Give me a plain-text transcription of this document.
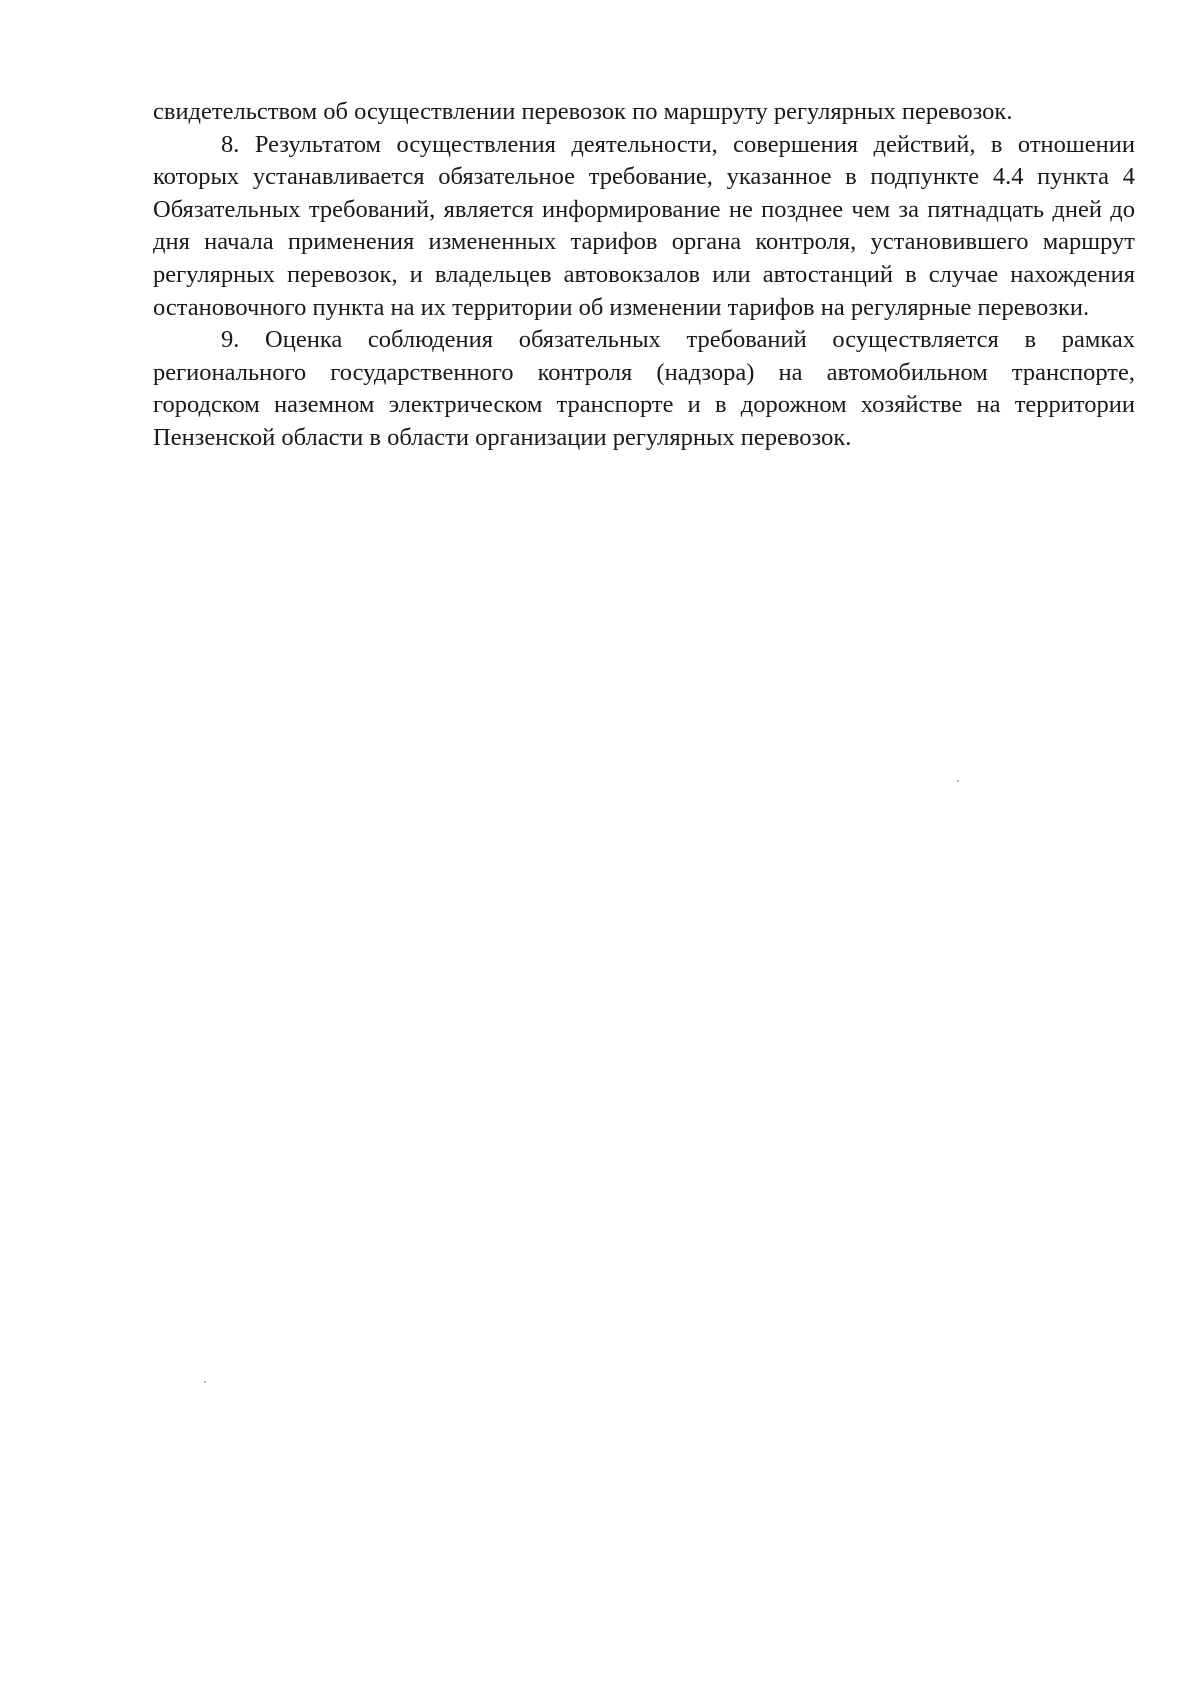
свидетельством об осуществлении перевозок по маршруту регулярных перевозок.

8. Результатом осуществления деятельности, совершения действий, в отношении которых устанавливается обязательное требование, указанное в подпункте 4.4 пункта 4 Обязательных требований, является информирование не позднее чем за пятнадцать дней до дня начала применения измененных тарифов органа контроля, установившего маршрут регулярных перевозок, и владельцев автовокзалов или автостанций в случае нахождения остановочного пункта на их территории об изменении тарифов на регулярные перевозки.

9. Оценка соблюдения обязательных требований осуществляется в рамках регионального государственного контроля (надзора) на автомобильном транспорте, городском наземном электрическом транспорте и в дорожном хозяйстве на территории Пензенской области в области организации регулярных перевозок.
